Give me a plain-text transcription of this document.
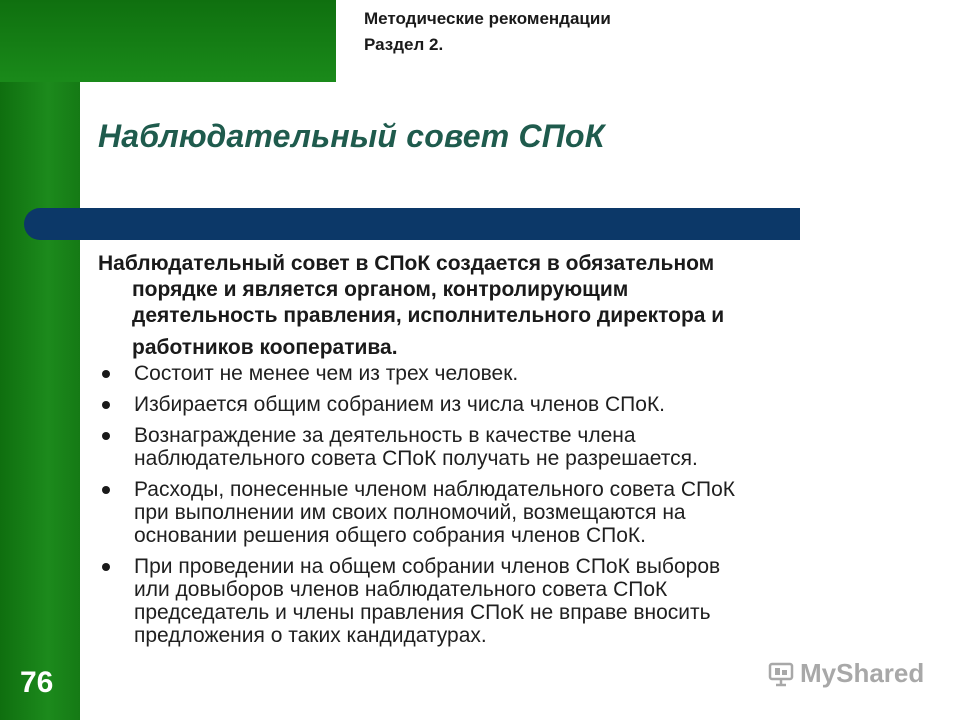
Методические рекомендации
Раздел 2.
Наблюдательный совет СПоК
Наблюдательный совет в СПоК создается в обязательном
порядке и является органом, контролирующим
деятельность правления, исполнительного директора и
работников кооператива.
Состоит не менее чем из трех человек.
Избирается общим собранием из числа членов СПоК.
Вознаграждение за деятельность в качестве члена
наблюдательного совета СПоК получать не разрешается.
Расходы, понесенные членом наблюдательного совета СПоК
при выполнении им своих полномочий, возмещаются на
основании решения общего собрания членов СПоК.
При проведении на общем собрании членов СПоК выборов
или довыборов членов наблюдательного совета СПоК
председатель и члены правления СПоК не вправе вносить
предложения о таких кандидатурах.
76	MyShared
